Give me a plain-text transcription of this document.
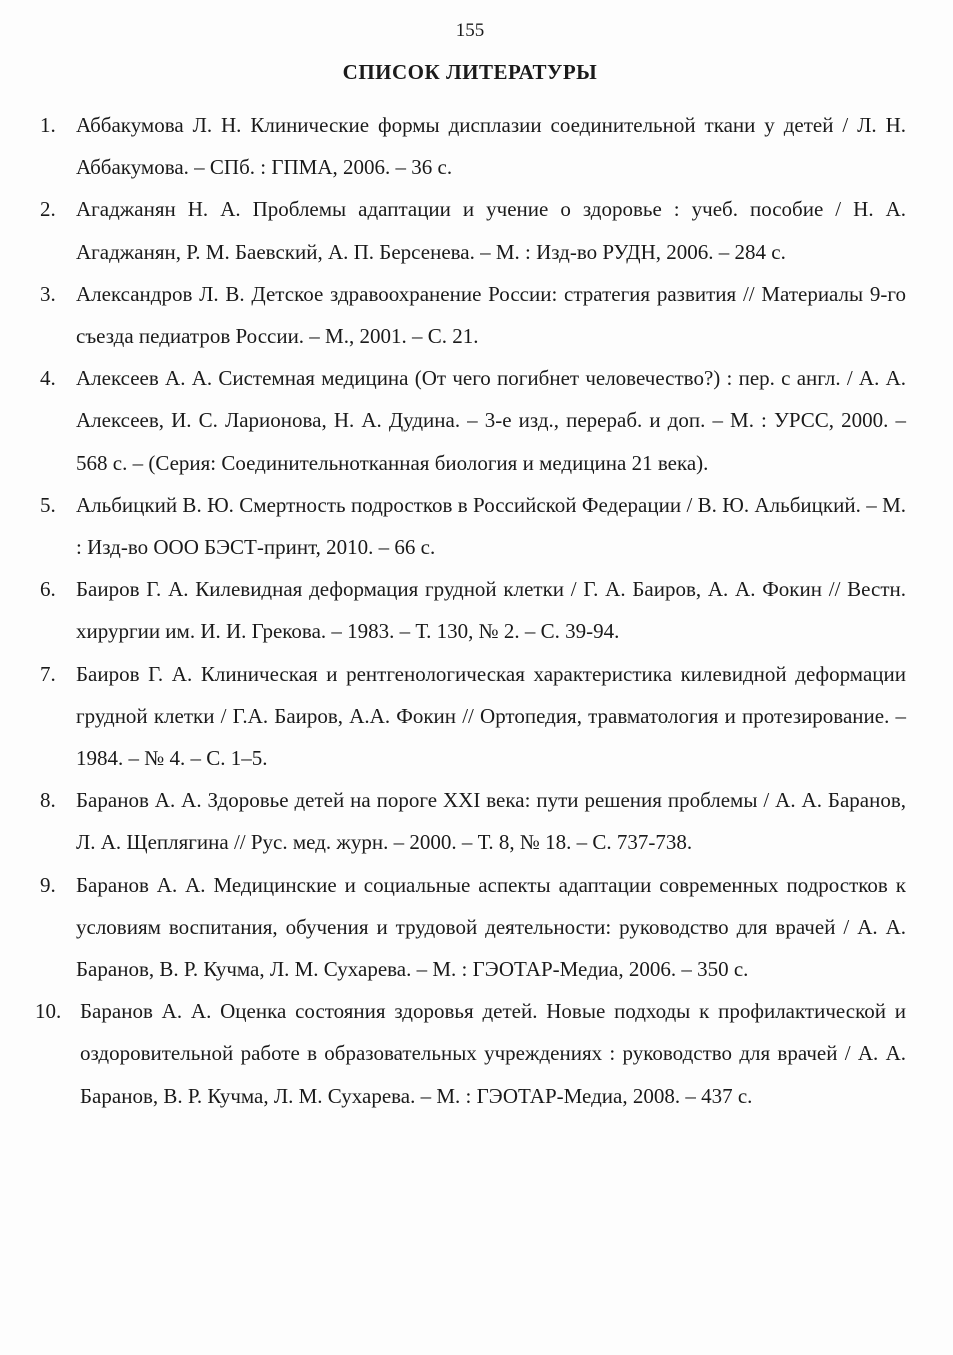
155
СПИСОК ЛИТЕРАТУРЫ
1. Аббакумова Л. Н. Клинические формы дисплазии соединительной ткани у детей / Л. Н. Аббакумова. – СПб. : ГПМА, 2006. – 36 с.
2. Агаджанян Н. А. Проблемы адаптации и учение о здоровье : учеб. пособие / Н. А. Агаджанян, Р. М. Баевский, А. П. Берсенева. – М. : Изд-во РУДН, 2006. – 284 с.
3. Александров Л. В. Детское здравоохранение России: стратегия развития // Материалы 9-го съезда педиатров России. – М., 2001. – С. 21.
4. Алексеев А. А. Системная медицина (От чего погибнет человечество?) : пер. с англ. / А. А. Алексеев, И. С. Ларионова, Н. А. Дудина. – 3-е изд., перераб. и доп. – М. : УРСС, 2000. – 568 с. – (Серия: Соединительнотканная биология и медицина 21 века).
5. Альбицкий В. Ю. Смертность подростков в Российской Федерации / В. Ю. Альбицкий. – М. : Изд-во ООО БЭСТ-принт, 2010. – 66 с.
6. Баиров Г. А. Килевидная деформация грудной клетки / Г. А. Баиров, А. А. Фокин // Вестн. хирургии им. И. И. Грекова. – 1983. – Т. 130, № 2. – С. 39-94.
7. Баиров Г. А. Клиническая и рентгенологическая характеристика килевидной деформации грудной клетки / Г.А. Баиров, А.А. Фокин // Ортопедия, травматология и протезирование. – 1984. – № 4. – С. 1–5.
8. Баранов А. А. Здоровье детей на пороге XXI века: пути решения проблемы / А. А. Баранов, Л. А. Щеплягина // Рус. мед. журн. – 2000. – Т. 8, № 18. – С. 737-738.
9. Баранов А. А. Медицинские и социальные аспекты адаптации современных подростков к условиям воспитания, обучения и трудовой деятельности: руководство для врачей / А. А. Баранов, В. Р. Кучма, Л. М. Сухарева. – М. : ГЭОТАР-Медиа, 2006. – 350 с.
10. Баранов А. А. Оценка состояния здоровья детей. Новые подходы к профилактической и оздоровительной работе в образовательных учреждениях : руководство для врачей / А. А. Баранов, В. Р. Кучма, Л. М. Сухарева. – М. : ГЭОТАР-Медиа, 2008. – 437 с.
